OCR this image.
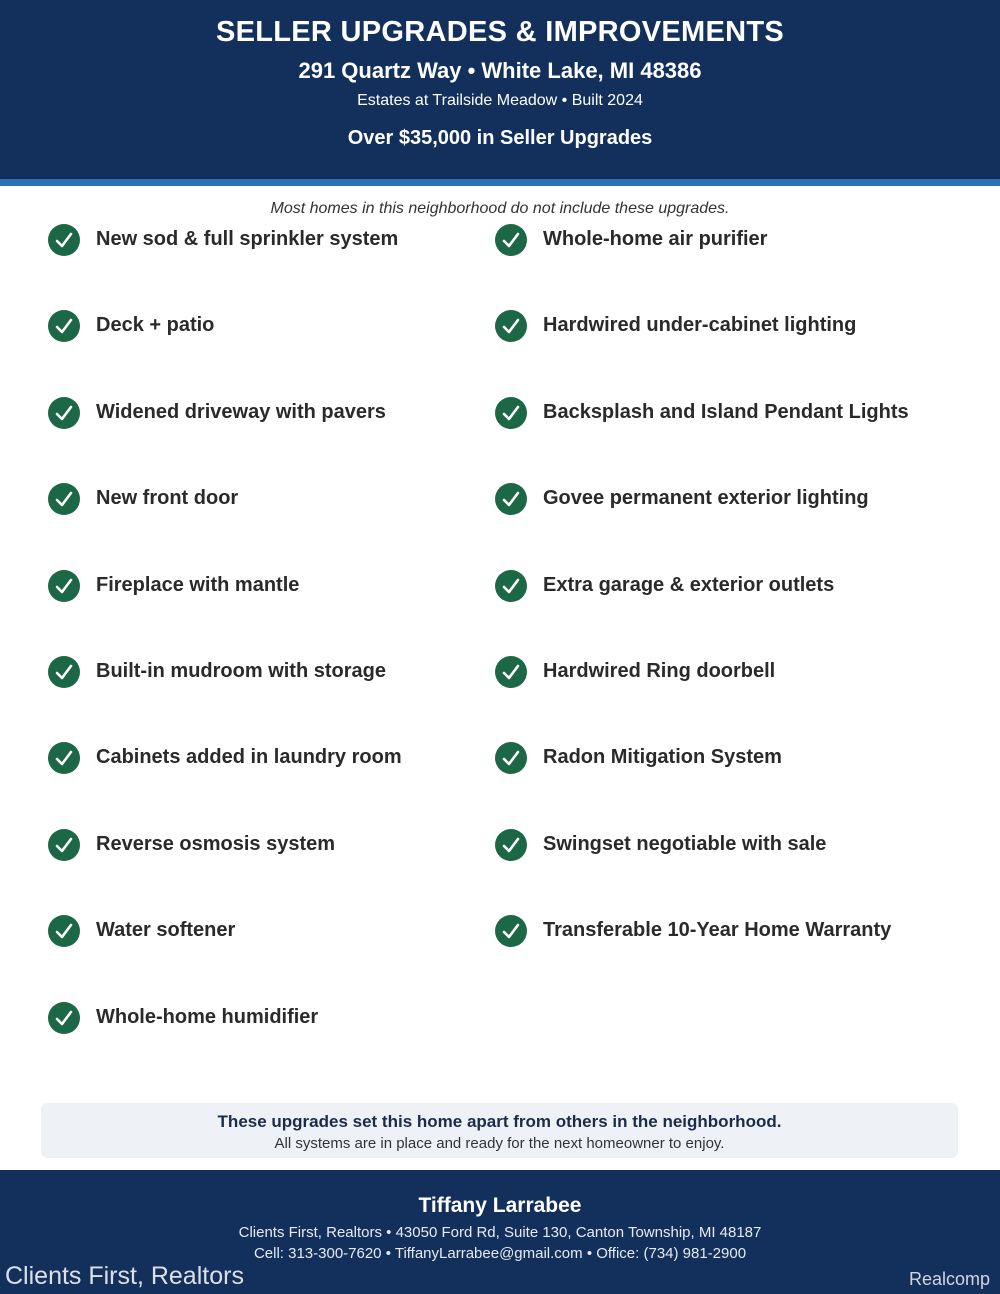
SELLER UPGRADES & IMPROVEMENTS
291 Quartz Way • White Lake, MI 48386
Estates at Trailside Meadow • Built 2024
Over $35,000 in Seller Upgrades
Most homes in this neighborhood do not include these upgrades.
New sod & full sprinkler system
Deck + patio
Widened driveway with pavers
New front door
Fireplace with mantle
Built-in mudroom with storage
Cabinets added in laundry room
Reverse osmosis system
Water softener
Whole-home humidifier
Whole-home air purifier
Hardwired under-cabinet lighting
Backsplash and Island Pendant Lights
Govee permanent exterior lighting
Extra garage & exterior outlets
Hardwired Ring doorbell
Radon Mitigation System
Swingset negotiable with sale
Transferable 10-Year Home Warranty
These upgrades set this home apart from others in the neighborhood.
All systems are in place and ready for the next homeowner to enjoy.
Tiffany Larrabee
Clients First, Realtors • 43050 Ford Rd, Suite 130, Canton Township, MI 48187
Cell: 313-300-7620 • TiffanyLarrabee@gmail.com • Office: (734) 981-2900
Clients First, Realtors	Realcomp
